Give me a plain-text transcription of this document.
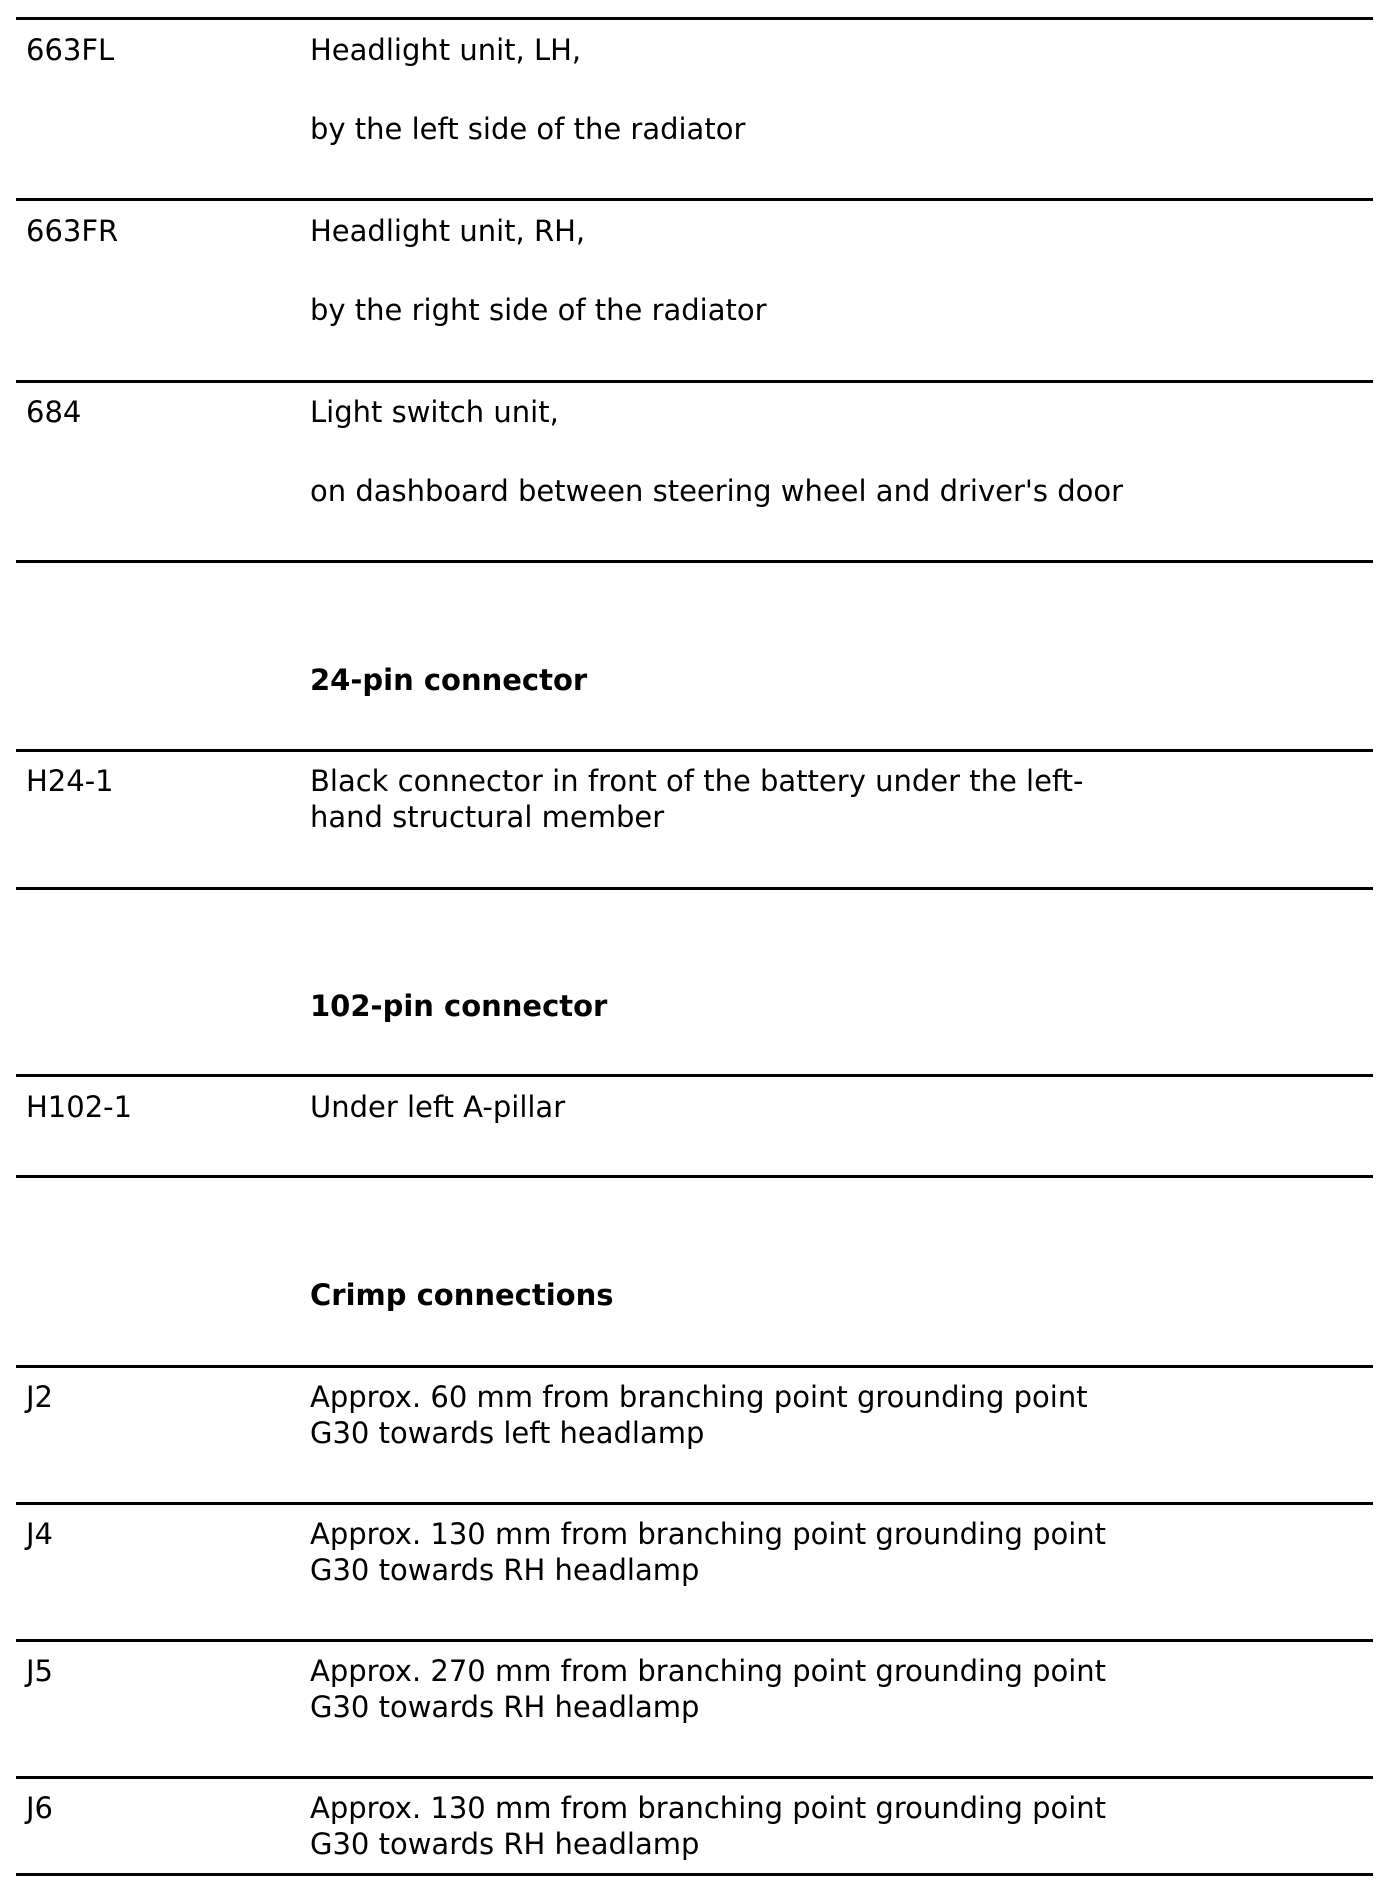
663FL	Headlight unit, LH,
by the left side of the radiator
663FR	Headlight unit, RH,
by the right side of the radiator
684	Light switch unit,
on dashboard between steering wheel and driver's door
24-pin connector
H24-1	Black connector in front of the battery under the left-
hand structural member
102-pin connector
H102-1	Under left A-pillar
Crimp connections
J2	Approx. 60 mm from branching point grounding point
G30 towards left headlamp
J4	Approx. 130 mm from branching point grounding point
G30 towards RH headlamp
J5	Approx. 270 mm from branching point grounding point
G30 towards RH headlamp
J6	Approx. 130 mm from branching point grounding point
G30 towards RH headlamp
